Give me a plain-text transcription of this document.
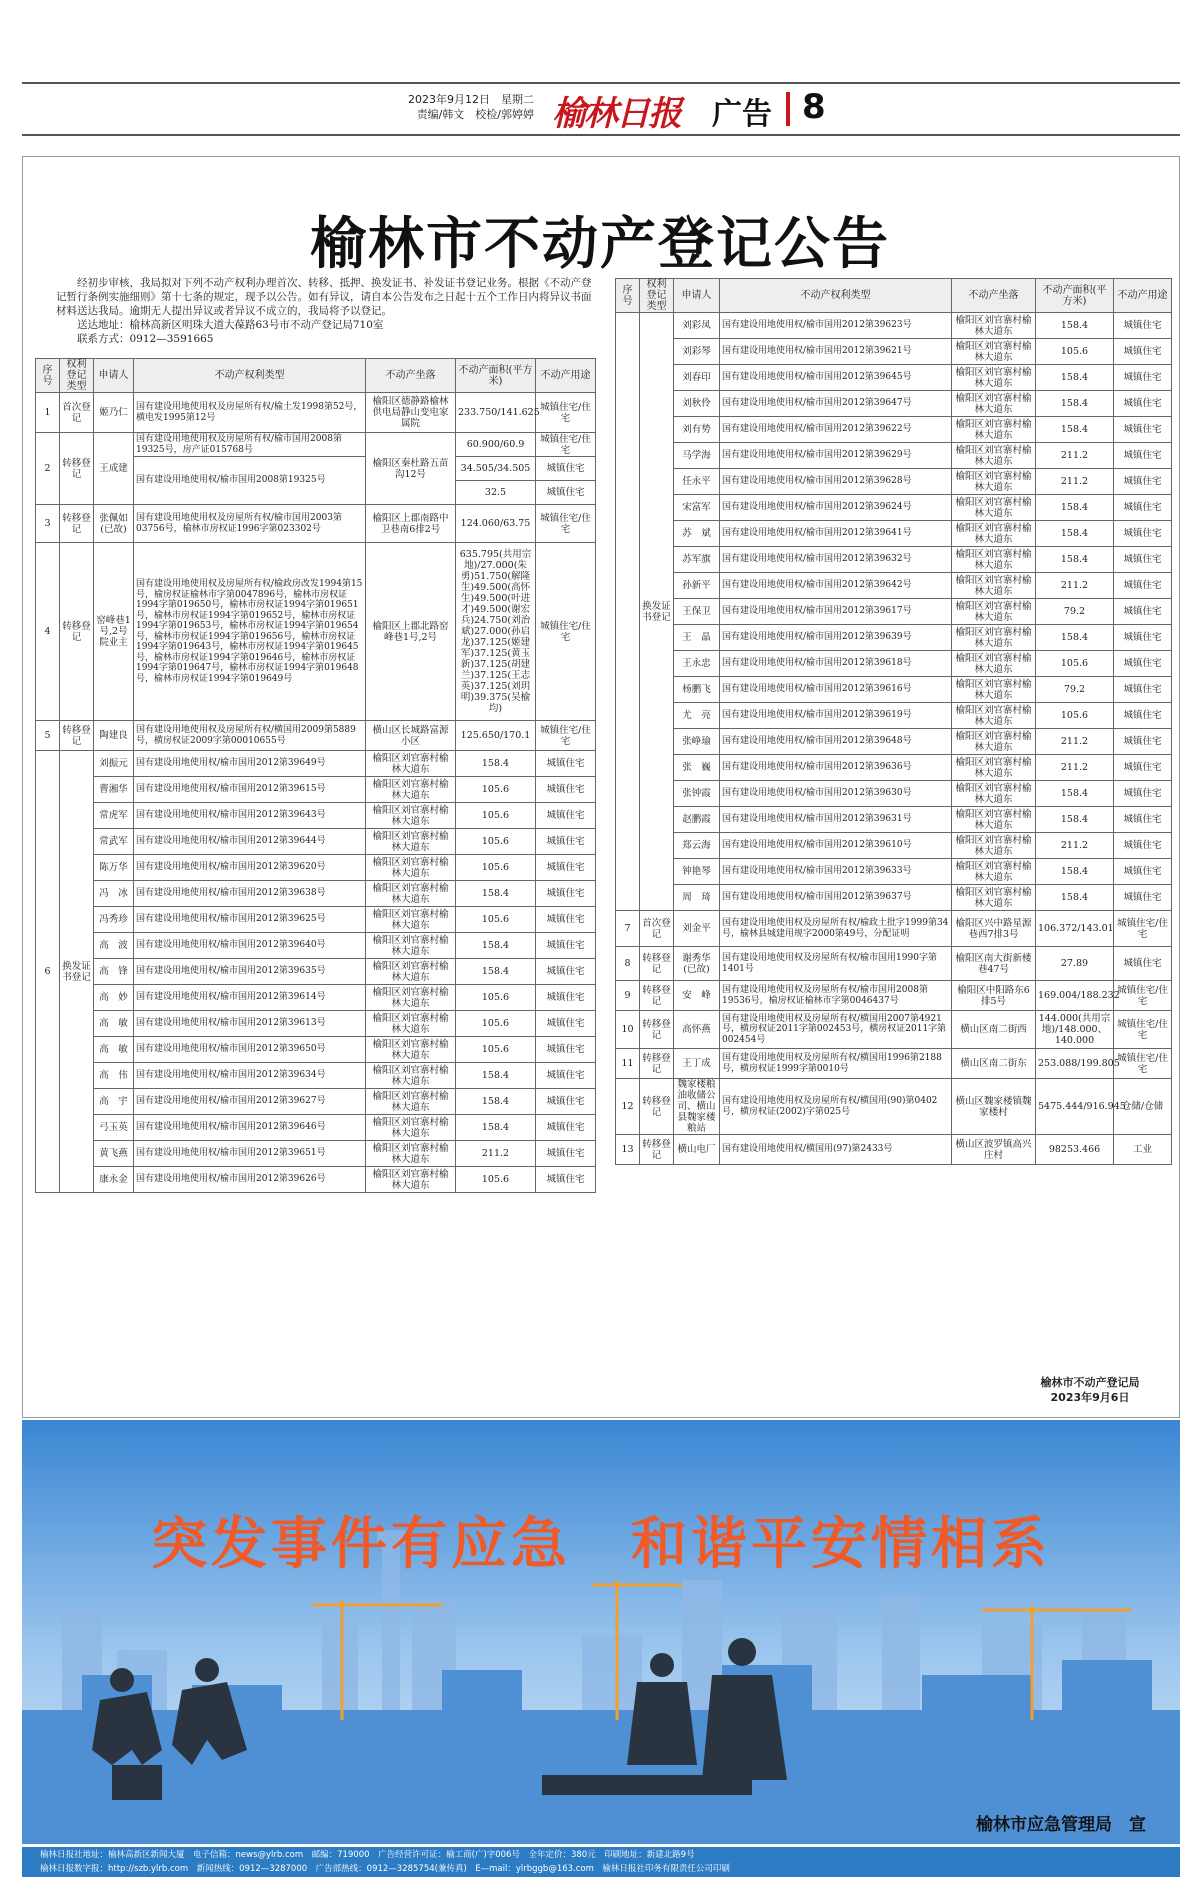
2023年9月12日　星期二
责编/韩文　校检/郭婷婷 榆林日报 广告 8
榆林市不动产登记公告

经初步审核，我局拟对下列不动产权利办理首次、转移、抵押、换发证书、补发证书登记业务。根据《不动产登记暂行条例实施细则》第十七条的规定，现予以公告。如有异议，请自本公告发布之日起十五个工作日内将异议书面材料送达我局。逾期无人提出异议或者异议不成立的，我局将予以登记。

送达地址：榆林高新区明珠大道大葆路63号市不动产登记局710室
联系方式：0912—3591665
序号	权利登记类型	申请人	不动产权利类型	不动产坐落	不动产面积(平方米)	不动产用途
1	首次登记	姬乃仁	国有建设用地使用权及房屋所有权/榆土发1998第52号，横电发1995第12号	榆阳区德静路榆林供电局静山变电家属院	233.750/141.625	城镇住宅/住宅
2	转移登记	王成建	国有建设用地使用权及房屋所有权/榆市国用2008第19325号，房产证015768号	榆阳区秦杜路五苗沟12号	60.900/60.9	城镇住宅/住宅
			国有建设用地使用权/榆市国用2008第19325号		34.505/34.505	城镇住宅
					32.5	城镇住宅
3	转移登记	张佩如(已故)	国有建设用地使用权及房屋所有权/榆市国用2003第03756号，榆林市房权证1996字第023302号	榆阳区上郡南路中卫巷南6排2号	124.060/63.75	城镇住宅/住宅
4	转移登记	窑峰巷1号,2号院业主	国有建设用地使用权及房屋所有权/榆政房改发1994第15号，榆房权证榆林市字第0047896号，榆林市房权证1994字第019650号，榆林市房权证1994字第019651号，榆林市房权证1994字第019652号，榆林市房权证1994字第019653号，榆林市房权证1994字第019654号，榆林市房权证1994字第019656号，榆林市房权证1994字第019643号，榆林市房权证1994字第019645号，榆林市房权证1994字第019646号，榆林市房权证1994字第019647号，榆林市房权证1994字第019648号，榆林市房权证1994字第019649号	榆阳区上郡北路窑峰巷1号,2号	635.795(共用宗地)/27.000(朱勇)51.750(解隆生)49.500(高怀生)49.500(叶进才)49.500(谢宏兵)24.750(刘治斌)27.000(孙启龙)37.125(姬建军)37.125(黄玉新)37.125(胡建兰)37.125(王志英)37.125(刘玥明)39.375(吴榆均)	城镇住宅/住宅
5	转移登记	陶建良	国有建设用地使用权及房屋所有权/横国用2009第5889号，横房权证2009字第00010655号	横山区长城路富源小区	125.650/170.1	城镇住宅/住宅
6	换发证书登记	刘振元	国有建设用地使用权/榆市国用2012第39649号	榆阳区刘官寨村榆林大道东	158.4	城镇住宅
		曹湘华	国有建设用地使用权/榆市国用2012第39615号	榆阳区刘官寨村榆林大道东	105.6	城镇住宅
		常虎军	国有建设用地使用权/榆市国用2012第39643号	榆阳区刘官寨村榆林大道东	105.6	城镇住宅
		常武军	国有建设用地使用权/榆市国用2012第39644号	榆阳区刘官寨村榆林大道东	105.6	城镇住宅
		陈万华	国有建设用地使用权/榆市国用2012第39620号	榆阳区刘官寨村榆林大道东	105.6	城镇住宅
		冯　冰	国有建设用地使用权/榆市国用2012第39638号	榆阳区刘官寨村榆林大道东	158.4	城镇住宅
		冯秀珍	国有建设用地使用权/榆市国用2012第39625号	榆阳区刘官寨村榆林大道东	105.6	城镇住宅
		高　波	国有建设用地使用权/榆市国用2012第39640号	榆阳区刘官寨村榆林大道东	158.4	城镇住宅
		高　锋	国有建设用地使用权/榆市国用2012第39635号	榆阳区刘官寨村榆林大道东	158.4	城镇住宅
		高　妙	国有建设用地使用权/榆市国用2012第39614号	榆阳区刘官寨村榆林大道东	105.6	城镇住宅
		高　敏	国有建设用地使用权/榆市国用2012第39613号	榆阳区刘官寨村榆林大道东	105.6	城镇住宅
		高　敏	国有建设用地使用权/榆市国用2012第39650号	榆阳区刘官寨村榆林大道东	105.6	城镇住宅
		高　伟	国有建设用地使用权/榆市国用2012第39634号	榆阳区刘官寨村榆林大道东	158.4	城镇住宅
		高　宇	国有建设用地使用权/榆市国用2012第39627号	榆阳区刘官寨村榆林大道东	158.4	城镇住宅
		弓玉英	国有建设用地使用权/榆市国用2012第39646号	榆阳区刘官寨村榆林大道东	158.4	城镇住宅
		黄飞燕	国有建设用地使用权/榆市国用2012第39651号	榆阳区刘官寨村榆林大道东	211.2	城镇住宅
		康永金	国有建设用地使用权/榆市国用2012第39626号	榆阳区刘官寨村榆林大道东	105.6	城镇住宅
序号	权利登记类型	申请人	不动产权利类型	不动产坐落	不动产面积(平方米)	不动产用途
	换发证书登记	刘彩凤	国有建设用地使用权/榆市国用2012第39623号	榆阳区刘官寨村榆林大道东	158.4	城镇住宅
		刘彩琴	国有建设用地使用权/榆市国用2012第39621号	榆阳区刘官寨村榆林大道东	105.6	城镇住宅
		刘春印	国有建设用地使用权/榆市国用2012第39645号	榆阳区刘官寨村榆林大道东	158.4	城镇住宅
		刘秋伶	国有建设用地使用权/榆市国用2012第39647号	榆阳区刘官寨村榆林大道东	158.4	城镇住宅
		刘有势	国有建设用地使用权/榆市国用2012第39622号	榆阳区刘官寨村榆林大道东	158.4	城镇住宅
		马学海	国有建设用地使用权/榆市国用2012第39629号	榆阳区刘官寨村榆林大道东	211.2	城镇住宅
		任永平	国有建设用地使用权/榆市国用2012第39628号	榆阳区刘官寨村榆林大道东	211.2	城镇住宅
		宋富军	国有建设用地使用权/榆市国用2012第39624号	榆阳区刘官寨村榆林大道东	158.4	城镇住宅
		苏　斌	国有建设用地使用权/榆市国用2012第39641号	榆阳区刘官寨村榆林大道东	158.4	城镇住宅
		苏军旗	国有建设用地使用权/榆市国用2012第39632号	榆阳区刘官寨村榆林大道东	158.4	城镇住宅
		孙新平	国有建设用地使用权/榆市国用2012第39642号	榆阳区刘官寨村榆林大道东	211.2	城镇住宅
		王保卫	国有建设用地使用权/榆市国用2012第39617号	榆阳区刘官寨村榆林大道东	79.2	城镇住宅
		王　晶	国有建设用地使用权/榆市国用2012第39639号	榆阳区刘官寨村榆林大道东	158.4	城镇住宅
		王永忠	国有建设用地使用权/榆市国用2012第39618号	榆阳区刘官寨村榆林大道东	105.6	城镇住宅
		杨鹏飞	国有建设用地使用权/榆市国用2012第39616号	榆阳区刘官寨村榆林大道东	79.2	城镇住宅
		尤　亮	国有建设用地使用权/榆市国用2012第39619号	榆阳区刘官寨村榆林大道东	105.6	城镇住宅
		张峥瑜	国有建设用地使用权/榆市国用2012第39648号	榆阳区刘官寨村榆林大道东	211.2	城镇住宅
		张　巍	国有建设用地使用权/榆市国用2012第39636号	榆阳区刘官寨村榆林大道东	211.2	城镇住宅
		张钟霞	国有建设用地使用权/榆市国用2012第39630号	榆阳区刘官寨村榆林大道东	158.4	城镇住宅
		赵鹏霞	国有建设用地使用权/榆市国用2012第39631号	榆阳区刘官寨村榆林大道东	158.4	城镇住宅
		郑云海	国有建设用地使用权/榆市国用2012第39610号	榆阳区刘官寨村榆林大道东	211.2	城镇住宅
		钟艳琴	国有建设用地使用权/榆市国用2012第39633号	榆阳区刘官寨村榆林大道东	158.4	城镇住宅
		周　琦	国有建设用地使用权/榆市国用2012第39637号	榆阳区刘官寨村榆林大道东	158.4	城镇住宅
7	首次登记	刘金平	国有建设用地使用权及房屋所有权/榆政土批字1999第34号，榆林县城建用规字2000第49号，分配证明	榆阳区兴中路星源巷西7排3号	106.372/143.01	城镇住宅/住宅
8	转移登记	谢秀华(已故)	国有建设用地使用权及房屋所有权/榆市国用1990字第1401号	榆阳区南大街新楼巷47号	27.89	城镇住宅
9	转移登记	安　峰	国有建设用地使用权及房屋所有权/榆市国用2008第19536号，榆房权证榆林市字第0046437号	榆阳区中阳路东6排5号	169.004/188.232	城镇住宅/住宅
10	转移登记	高怀燕	国有建设用地使用权及房屋所有权/横国用2007第4921号，横房权证2011字第002453号，横房权证2011字第002454号	横山区南二街西	144.000(共用宗地)/148.000、140.000	城镇住宅/住宅
11	转移登记	王丁成	国有建设用地使用权及房屋所有权/横国用1996第2188号，横房权证1999字第0010号	横山区南二街东	253.088/199.805	城镇住宅/住宅
12	转移登记	魏家楼粮油收储公司、横山县魏家楼粮站	国有建设用地使用权及房屋所有权/横国用(90)第0402号，横房权证(2002)字第025号	横山区魏家楼镇魏家楼村	5475.444/916.945	仓储/仓储
13	转移登记	横山电厂	国有建设用地使用权/横国用(97)第2433号	横山区波罗镇高兴庄村	98253.466	工业
榆林市不动产登记局
2023年9月6日
突发事件有应急　和谐平安情相系
榆林市应急管理局　宣
榆林日报社地址：榆林高新区新闻大厦　电子信箱：news@ylrb.com　邮编：719000　广告经营许可证：榆工商(广)字006号　全年定价：380元　印刷地址：新建北路9号
榆林日报数字报：http://szb.ylrb.com　新闻热线：0912—3287000　广告部热线：0912—3285754(兼传真)　E—mail：ylrbggb@163.com　榆林日报社印务有限责任公司印刷
